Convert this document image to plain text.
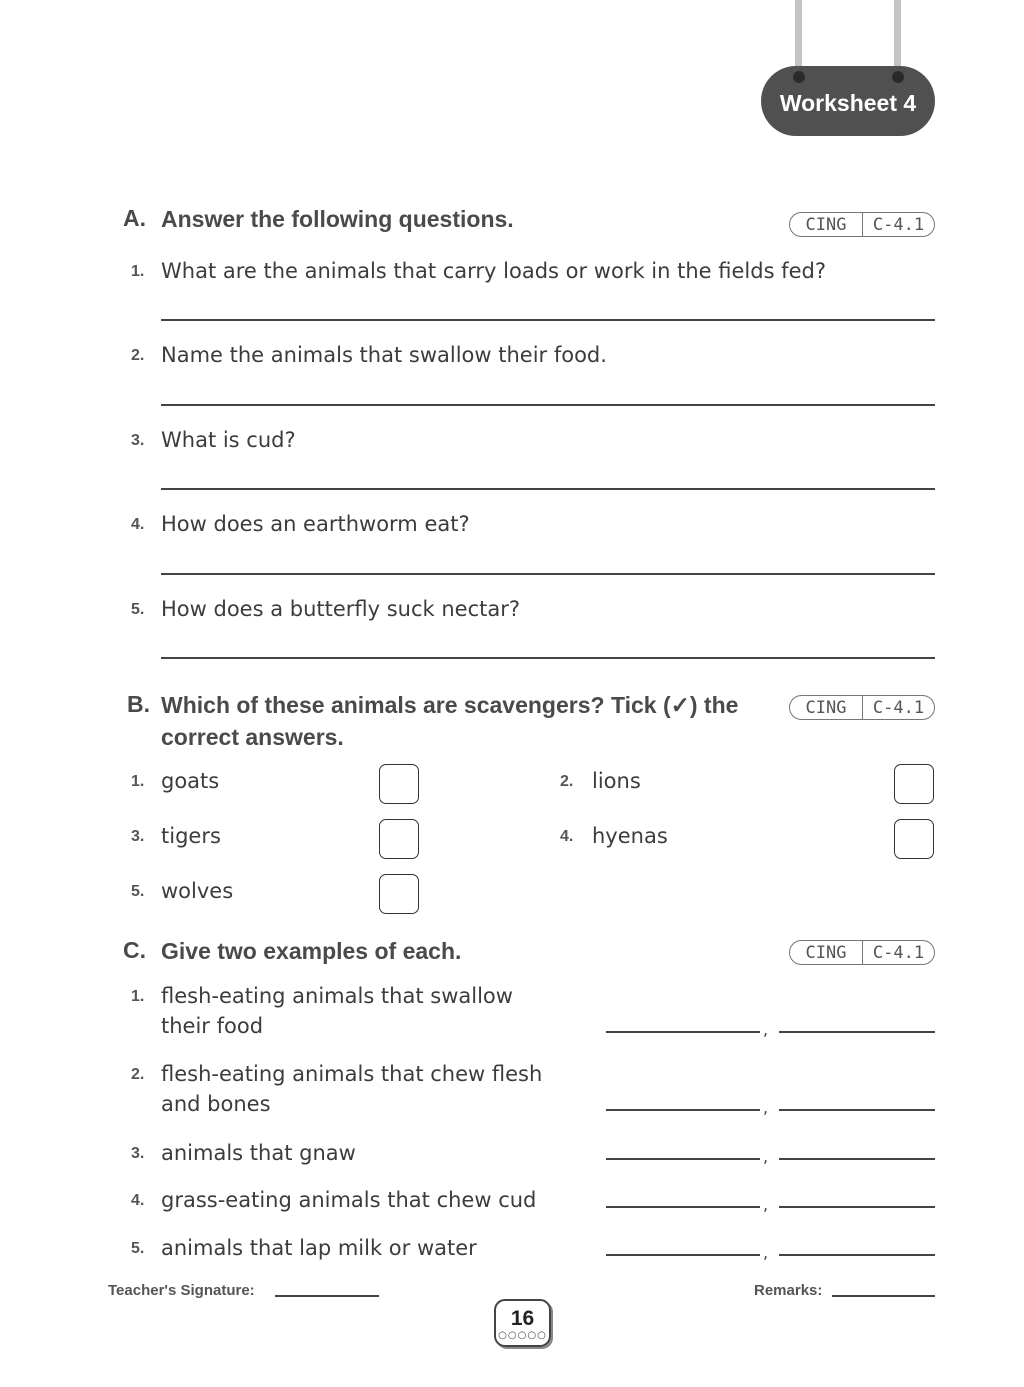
Worksheet 4
A. Answer the following questions.	CING	C-4.1
1. What are the animals that carry loads or work in the fields fed?
2. Name the animals that swallow their food.
3. What is cud?
4. How does an earthworm eat?
5. How does a butterfly suck nectar?
B. Which of these animals are scavengers? Tick (✓) the
correct answers.
CING	C-4.1
1. goats	2. lions
3. tigers	4. hyenas
5. wolves
C. Give two examples of each.	CING	C-4.1
1. flesh-eating animals that swallow
their food	,
2. flesh-eating animals that chew flesh
and bones	,
3. animals that gnaw	,
4. grass-eating animals that chew cud	,
5. animals that lap milk or water	,
Teacher's Signature:	Remarks:
16
○○○○○
